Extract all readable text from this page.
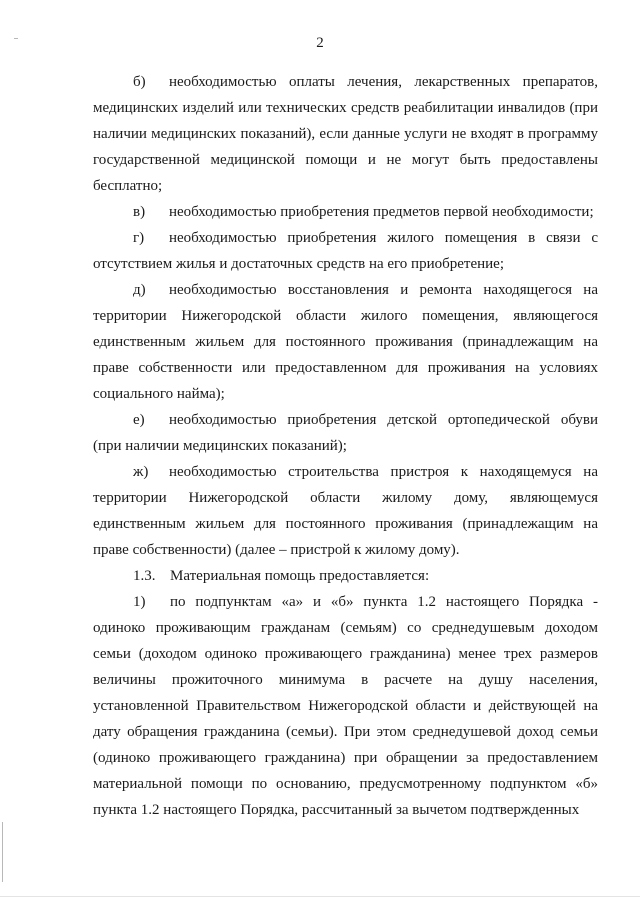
2

б) необходимостью оплаты лечения, лекарственных препаратов, медицинских изделий или технических средств реабилитации инвалидов (при наличии медицинских показаний), если данные услуги не входят в программу государственной медицинской помощи и не могут быть предоставлены бесплатно;

в) необходимостью приобретения предметов первой необходимости;

г) необходимостью приобретения жилого помещения в связи с отсутствием жилья и достаточных средств на его приобретение;

д) необходимостью восстановления и ремонта находящегося на территории Нижегородской области жилого помещения, являющегося единственным жильем для постоянного проживания (принадлежащим на праве собственности или предоставленном для проживания на условиях социального найма);

е) необходимостью приобретения детской ортопедической обуви (при наличии медицинских показаний);

ж) необходимостью строительства пристроя к находящемуся на территории Нижегородской области жилому дому, являющемуся единственным жильем для постоянного проживания (принадлежащим на праве собственности) (далее – пристрой к жилому дому).

1.3. Материальная помощь предоставляется:

1) по подпунктам «а» и «б» пункта 1.2 настоящего Порядка - одиноко проживающим гражданам (семьям) со среднедушевым доходом семьи (доходом одиноко проживающего гражданина) менее трех размеров величины прожиточного минимума в расчете на душу населения, установленной Правительством Нижегородской области и действующей на дату обращения гражданина (семьи). При этом среднедушевой доход семьи (одиноко проживающего гражданина) при обращении за предоставлением материальной помощи по основанию, предусмотренному подпунктом «б» пункта 1.2 настоящего Порядка, рассчитанный за вычетом подтвержденных
